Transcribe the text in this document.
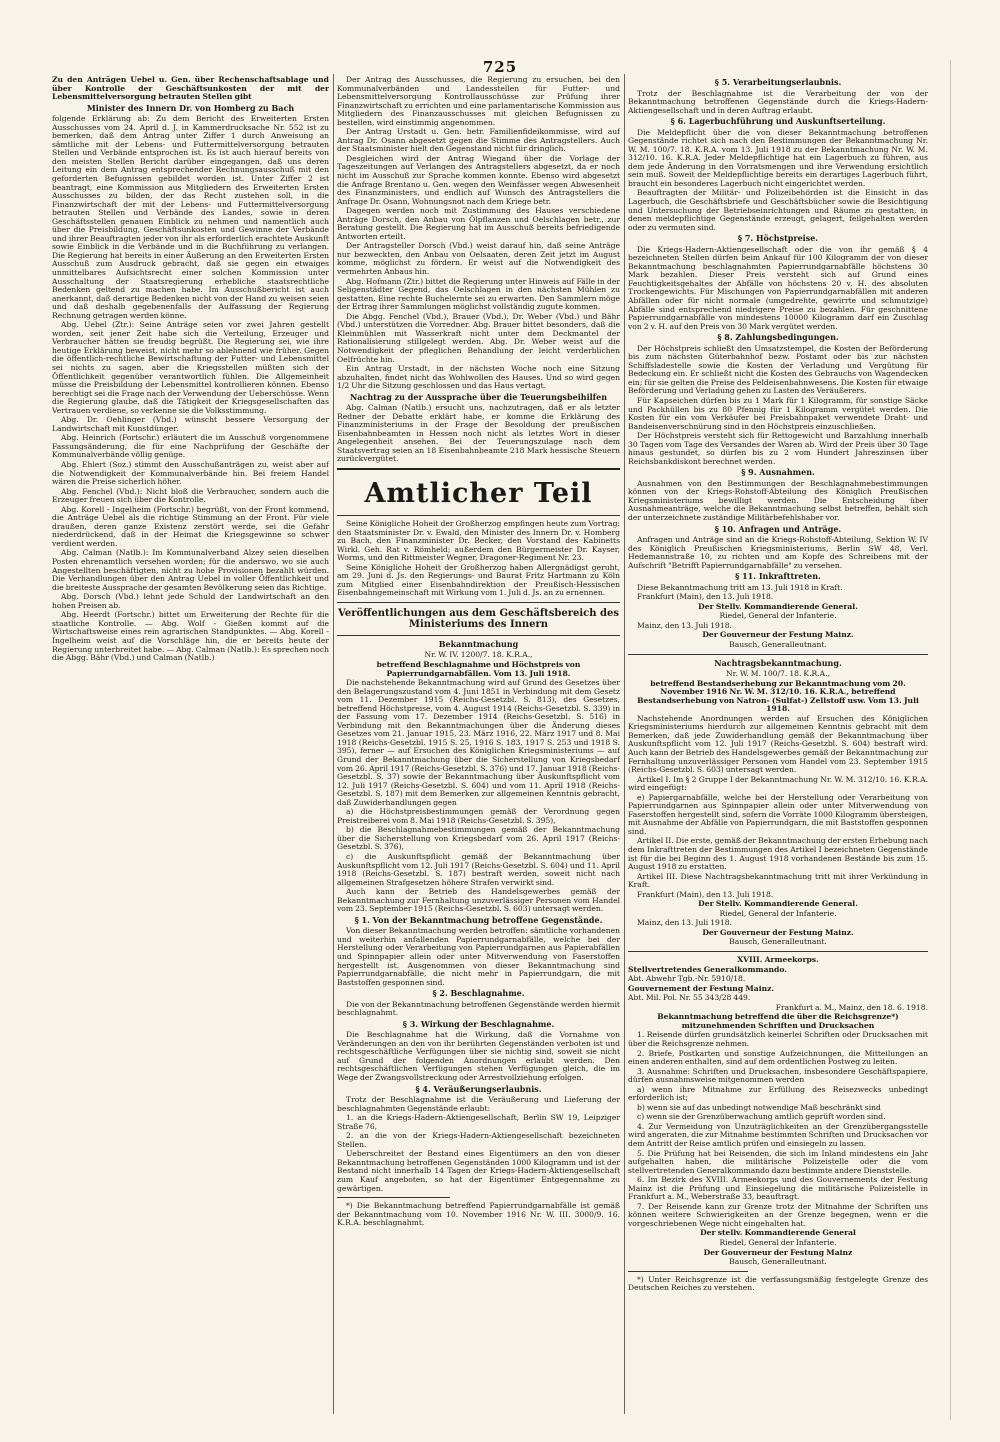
725

Zu den Anträgen Uebel u. Gen. über Rechenschaftsablage und über Kontrolle der Geschäftsunkosten der mit der Lebensmittelversorgung betrauten Stellen gibt

Minister des Innern Dr. von Homberg zu Bach

folgende Erklärung ab: Zu dem Bericht des Erweiterten Ersten Ausschusses vom 24. April d. J. in Kammerdrucksache Nr. 552 ist zu bemerken, daß dem Antrag unter Ziffer 1 durch Anweisung an sämtliche mit der Lebens- und Futtermittelversorgung betrauten Stellen und Verbände entsprochen ist. Es ist auch hierauf bereits von den meisten Stellen Bericht darüber eingegangen, daß uns deren Leitung ein dem Antrag entsprechender Rechnungsausschuß mit den geforderten Befugnissen gebildet worden ist. Unter Ziffer 2 ist beantragt, eine Kommission aus Mitgliedern des Erweiterten Ersten Ausschusses zu bilden, der das Recht zustehen soll, in die Finanzwirtschaft der mit der Lebens- und Futtermittelversorgung betrauten Stellen und Verbände des Landes, sowie in deren Geschäftsstellen genauen Einblick zu nehmen und namentlich auch über die Preisbildung, Geschäftsunkosten und Gewinne der Verbände und ihrer Beauftragten jeder von ihr als erforderlich erachtete Auskunft sowie Einblick in die Verbände und in die Buchführung zu verlangen. Die Regierung hat bereits in einer Äußerung an den Erweiterten Ersten Ausschuß zum Ausdruck gebracht, daß sie gegen ein etwaiges unmittelbares Aufsichtsrecht einer solchen Kommission unter Ausschaltung der Staatsregierung erhebliche staatsrechtliche Bedenken geltend zu machen habe. Im Ausschußbericht ist auch anerkannt, daß derartige Bedenken nicht von der Hand zu weisen seien und daß deshalb gegebenenfalls der Auffassung der Regierung Rechnung getragen werden könne.

Abg. Uebel (Ztr.): Seine Anträge seien vor zwei Jahren gestellt worden, seit jener Zeit habe sich die Verteilung, Erzeuger und Verbraucher hätten sie freudig begrüßt. Die Regierung sei, wie ihre heutige Erklärung beweist, nicht mehr so ablehnend wie früher. Gegen die öffentlich-rechtliche Bewirtschaftung der Futter- und Lebensmittel sei nichts zu sagen, aber die Kriegsstellen müßten sich der Öffentlichkeit gegenüber verantwortlich fühlen. Die Allgemeinheit müsse die Preisbildung der Lebensmittel kontrollieren können. Ebenso berechtigt sei die Frage nach der Verwendung der Ueberschüsse. Wenn die Regierung glaube, daß die Tätigkeit der Kriegsgesellschaften das Vertrauen verdiene, so verkenne sie die Volksstimmung.

Abg. Dr. Oehlinger (Vbd.) wünscht bessere Versorgung der Landwirtschaft mit Kunstdünger.

Abg. Heinrich (Fortschr.) erläutert die im Ausschuß vorgenommene Fassungsänderung, die für eine Nachprüfung der Geschäfte der Kommunalverbände völlig genüge.

Abg. Ehlert (Soz.) stimmt den Ausschußanträgen zu, weist aber auf die Notwendigkeit der Kommunalverbände hin. Bei freiem Handel wären die Preise sicherlich höher.

Abg. Fenchel (Vbd.): Nicht bloß die Verbraucher, sondern auch die Erzeuger freuen sich über die Kontrolle.

Abg. Korell - Ingelheim (Fortschr.) begrüßt, von der Front kommend, die Anträge Uebel als die richtige Stimmung an der Front. Für viele draußen, deren ganze Existenz zerstört werde, sei die Gefahr niederdrückend, daß in der Heimat die Kriegsgewinne so schwer verdient werden.

Abg. Calman (Natlb.): Im Kommunalverband Alzey seien dieselben Posten ehrenamtlich versehen worden; für die anderswo, wo sie auch Angestellten beschäftigten, nicht zu hohe Provisionen bezahlt würden. Die Verhandlungen über den Antrag Uebel in voller Öffentlichkeit und die breiteste Aussprache der gesamten Bevölkerung seien das Richtige.

Abg. Dorsch (Vbd.) lehnt jede Schuld der Landwirtschaft an den hohen Preisen ab.

Abg. Heerdt (Fortschr.) bittet um Erweiterung der Rechte für die staatliche Kontrolle. — Abg. Wolf - Gießen kommt auf die Wirtschaftsweise eines rein agrarischen Standpunktes. — Abg. Korell - Ingelheim weist auf die Vorschläge hin, die er bereits heute der Regierung unterbreitet habe. — Abg. Calman (Natlb.): Es sprechen noch die Abgg. Bähr (Vbd.) und Calman (Natlb.)

Der Antrag des Ausschusses, die Regierung zu ersuchen, bei den Kommunalverbänden und Landesstellen für Futter- und Lebensmittelversorgung Kontrollausschüsse zur Prüfung ihrer Finanzwirtschaft zu errichten und eine parlamentarische Kommission aus Mitgliedern des Finanzausschusses mit gleichen Befugnissen zu bestellen, wird einstimmig angenommen.

Der Antrag Urstadt u. Gen. betr. Familienfideikommisse, wird auf Antrag Dr. Osann abgesetzt gegen die Stimme des Antragstellers. Auch der Staatsminister hielt den Gegenstand nicht für dringlich.

Desgleichen wird der Antrag Wiegand über die Vorlage der Tageszeitungen auf Verlangen des Antragstellers abgesetzt, da er noch nicht im Ausschuß zur Sprache kommen konnte. Ebenso wird abgesetzt die Anfrage Brentano u. Gen. wegen den Weinfässer wegen Abwesenheit des Finanzministers, und endlich auf Wunsch des Antragstellers die Anfrage Dr. Osann, Wohnungsnot nach dem Kriege betr.

Dagegen werden noch mit Zustimmung des Hauses verschiedene Anträge Dorsch, den Anbau von Ölpflanzen und Oelschlagen betr., zur Beratung gestellt. Die Regierung hat im Ausschuß bereits befriedigende Antworten erteilt.

Der Antragsteller Dorsch (Vbd.) weist darauf hin, daß seine Anträge nur bezweckten, den Anbau von Oelsaaten, deren Zeit jetzt im August komme, möglichst zu fördern. Er weist auf die Notwendigkeit des vermehrten Anbaus hin.

Abg. Hofmann (Ztr.) bittet die Regierung unter Hinweis auf Fälle in der Seligenstädter Gegend, das Oelschlagen in den nächsten Mühlen zu gestatten. Eine rechte Buchelernte sei zu erwarten. Den Sammlern möge der Ertrag ihrer Sammlungen möglichst vollständig zugute kommen.

Die Abgg. Fenchel (Vbd.), Brauer (Vbd.), Dr. Weber (Vbd.) und Bähr (Vbd.) unterstützen die Vorredner. Abg. Brauer bittet besonders, daß die Kleinmühlen mit Wasserkraft nicht unter dem Deckmantel der Rationalisierung stillgelegt werden. Abg. Dr. Weber weist auf die Notwendigkeit der pfleglichen Behandlung der leicht verderblichen Oelfrüchte hin.

Ein Antrag Urstadt, in der nächsten Woche noch eine Sitzung abzuhalten, findet nicht das Wohlwollen des Hauses. Und so wird gegen 1/2 Uhr die Sitzung geschlossen und das Haus vertagt.

Nachtrag zu der Aussprache über die Teuerungsbeihilfen

Abg. Calman (Natlb.) ersucht uns, nachzutragen, daß er als letzter Redner der Debatte erklärt habe, er komme die Erklärung des Finanzministeriums in der Frage der Besoldung der preußischen Eisenbahnbeamten in Hessen noch nicht als letztes Wort in dieser Angelegenheit ansehen. Bei der Teuerungszulage nach dem Staatsvertrag seien an 18 Eisenbahnbeamte 218 Mark hessische Steuern zurückvergütet.

Amtlicher Teil

Seine Königliche Hoheit der Großherzog empfingen heute zum Vortrag: den Staatsminister Dr. v. Ewald, den Minister des Innern Dr. v. Homberg zu Bach, den Finanzminister Dr. Becker, den Vorstand des Kabinetts Wirkl. Geh. Rat v. Römheld; außerdem den Bürgermeister Dr. Kayser, Worms, und den Rittmeister Wegner, Dragoner-Regiment Nr. 23.

Seine Königliche Hoheit der Großherzog haben Allergnädigst geruht, am 29. Juni d. Js. den Regierungs- und Baurat Fritz Hartmann zu Köln zum Mitglied einer Eisenbahndirektion der Preußisch-Hessischen Eisenbahngemeinschaft mit Wirkung vom 1. Juli d. Js. an zu ernennen.

Veröffentlichungen aus dem Geschäftsbereich des Ministeriums des Innern
Bekanntmachung

Nr. W. IV. 1200/7. 18. K.R.A.,

betreffend Beschlagnahme und Höchstpreis von Papierrundgarnabfällen. Vom 13. Juli 1918.

Die nachstehende Bekanntmachung wird auf Grund des Gesetzes über den Belagerungszustand vom 4. Juni 1851 in Verbindung mit dem Gesetz vom 11. Dezember 1915 (Reichs-Gesetzbl. S. 813), des Gesetzes, betreffend Höchstpreise, vom 4. August 1914 (Reichs-Gesetzbl. S. 339) in der Fassung vom 17. Dezember 1914 (Reichs-Gesetzbl. S. 516) in Verbindung mit den Bekanntmachungen über die Änderung dieses Gesetzes vom 21. Januar 1915, 23. März 1916, 22. März 1917 und 8. Mai 1918 (Reichs-Gesetzbl. 1915 S. 25, 1916 S. 183, 1917 S. 253 und 1918 S. 395), ferner — auf Ersuchen des Königlichen Kriegsministeriums — auf Grund der Bekanntmachung über die Sicherstellung von Kriegsbedarf vom 26. April 1917 (Reichs-Gesetzbl. S. 376) und 17. Januar 1918 (Reichs-Gesetzbl. S. 37) sowie der Bekanntmachung über Auskunftspflicht vom 12. Juli 1917 (Reichs-Gesetzbl. S. 604) und vom 11. April 1918 (Reichs-Gesetzbl. S. 187) mit dem Bemerken zur allgemeinen Kenntnis gebracht, daß Zuwiderhandlungen gegen

a) die Höchstpreisbestimmungen gemäß der Verordnung gegen Preistreiberei vom 8. Mai 1918 (Reichs-Gesetzbl. S. 395),

b) die Beschlagnahmebestimmungen gemäß der Bekanntmachung über die Sicherstellung von Kriegsbedarf vom 26. April 1917 (Reichs-Gesetzbl. S. 376),

c) die Auskunftspflicht gemäß der Bekanntmachung über Auskunftspflicht vom 12. Juli 1917 (Reichs-Gesetzbl. S. 604) und 11. April 1918 (Reichs-Gesetzbl. S. 187) bestraft werden, soweit nicht nach allgemeinen Strafgesetzen höhere Strafen verwirkt sind.

Auch kann der Betrieb des Handelsgewerbes gemäß der Bekanntmachung zur Fernhaltung unzuverlässiger Personen vom Handel vom 23. September 1915 (Reichs-Gesetzbl. S. 603) untersagt werden.

§ 1. Von der Bekanntmachung betroffene Gegenstände.

Von dieser Bekanntmachung werden betroffen: sämtliche vorhandenen und weiterhin anfallenden Papierrundgarnabfälle, welche bei der Herstellung oder Verarbeitung von Papierrundgarnen aus Papierabfällen und Spinnpapier allein oder unter Mitverwendung von Faserstoffen hergestellt ist. Ausgenommen von dieser Bekanntmachung sind Papierrundgarnabfälle, die nicht mehr in Papierrundgarn, die mit Baststoffen gesponnen sind.

§ 2. Beschlagnahme.

Die von der Bekanntmachung betroffenen Gegenstände werden hiermit beschlagnahmt.

§ 3. Wirkung der Beschlagnahme.

Die Beschlagnahme hat die Wirkung, daß die Vornahme von Veränderungen an den von ihr berührten Gegenständen verboten ist und rechtsgeschäftliche Verfügungen über sie nichtig sind, soweit sie nicht auf Grund der folgenden Anordnungen erlaubt werden. Den rechtsgeschäftlichen Verfügungen stehen Verfügungen gleich, die im Wege der Zwangsvollstreckung oder Arrestvollziehung erfolgen.

§ 4. Veräußerungserlaubnis.

Trotz der Beschlagnahme ist die Veräußerung und Lieferung der beschlagnahmten Gegenstände erlaubt:

1. an die Kriegs-Hadern-Aktiengesellschaft, Berlin SW 19, Leipziger Straße 76,

2. an die von der Kriegs-Hadern-Aktiengesellschaft bezeichneten Stellen.

Ueberschreitet der Bestand eines Eigentümers an den von dieser Bekanntmachung betroffenen Gegenständen 1000 Kilogramm und ist der Bestand nicht innerhalb 14 Tagen der Kriegs-Hadern-Aktiengesellschaft zum Kauf angeboten, so hat der Eigentümer Entgegennahme zu gewärtigen.

*) Die Bekanntmachung betreffend Papierrundgarnabfälle ist gemäß der Bekanntmachung vom 10. November 1916 Nr. W. III. 3000/9. 16. K.R.A. beschlagnahmt.

§ 5. Verarbeitungserlaubnis.

Trotz der Beschlagnahme ist die Verarbeitung der von der Bekanntmachung betroffenen Gegenstände durch die Kriegs-Hadern-Aktiengesellschaft und in deren Auftrag erlaubt.

§ 6. Lagerbuchführung und Auskunftserteilung.

Die Meldepflicht über die von dieser Bekanntmachung betroffenen Gegenstände richtet sich nach den Bestimmungen der Bekanntmachung Nr. W. M. 100/7. 18. K.R.A. vom 13. Juli 1918 zu der Bekanntmachung Nr. W. M. 312/10. 16. K.R.A. Jeder Meldepflichtige hat ein Lagerbuch zu führen, aus dem jede Änderung in den Vorratsmengen und ihre Verwendung ersichtlich sein muß. Soweit der Meldepflichtige bereits ein derartiges Lagerbuch führt, braucht ein besonderes Lagerbuch nicht eingerichtet werden.

Beauftragten der Militär- und Polizeibehörden ist die Einsicht in das Lagerbuch, die Geschäftsbriefe und Geschäftsbücher sowie die Besichtigung und Untersuchung der Betriebseinrichtungen und Räume zu gestatten, in denen meldepflichtige Gegenstände erzeugt, gelagert, feilgehalten werden oder zu vermuten sind.

§ 7. Höchstpreise.

Die Kriegs-Hadern-Aktiengesellschaft oder die von ihr gemäß § 4 bezeichneten Stellen dürfen beim Ankauf für 100 Kilogramm der von dieser Bekanntmachung beschlagnahmten Papierrundgarnabfälle höchstens 30 Mark bezahlen. Dieser Preis versteht sich auf Grund eines Feuchtigkeitsgehaltes der Abfälle von höchstens 20 v. H. des absoluten Trockengewichts. Für Mischungen von Papierrundgarnabfällen mit anderen Abfällen oder für nicht normale (umgedrehte, gewirrte und schmutzige) Abfälle sind entsprechend niedrigere Preise zu bezahlen. Für geschnittene Papierrundgarnabfälle von mindestens 10000 Kilogramm darf ein Zuschlag von 2 v. H. auf den Preis von 30 Mark vergütet werden.

§ 8. Zahlungsbedingungen.

Der Höchstpreis schließt den Umsatzstempel, die Kosten der Beförderung bis zum nächsten Güterbahnhof bezw. Postamt oder bis zur nächsten Schiffsladestelle sowie die Kosten der Verladung und Vergütung für Bedeckung ein. Er schließt nicht die Kosten des Gebrauchs von Wagendecken ein; für sie gelten die Preise des Feldeisenbahnwesens. Die Kosten für etwaige Beförderung und Verladung gehen zu Lasten des Veräußerers.

Für Kapseichen dürfen bis zu 1 Mark für 1 Kilogramm, für sonstige Säcke und Packhüllen bis zu 80 Pfennig für 1 Kilogramm vergütet werden. Die Kosten für ein vom Verkäufer bei Preisbahnpaket verwendete Draht- und Bandeisenverschnürung sind in den Höchstpreis einzuschließen.

Der Höchstpreis versteht sich für Rettogewicht und Barzahlung innerhalb 30 Tagen vom Tage des Versandes der Waren ab. Wird der Preis über 30 Tage hinaus gestundet, so dürfen bis zu 2 vom Hundert Jahreszinsen über Reichsbankdiskont berechnet werden.

§ 9. Ausnahmen.

Ausnahmen von den Bestimmungen der Beschlagnahmebestimmungen können von der Kriegs-Rohstoff-Abteilung des Königlich Preußischen Kriegsministeriums bewilligt werden. Die Entscheidung über Ausnahmeanträge, welche die Bekanntmachung selbst betreffen, behält sich der unterzeichnete zuständige Militärbefehlshaber vor.

§ 10. Anfragen und Anträge.

Anfragen und Anträge sind an die Kriegs-Rohstoff-Abteilung, Sektion W. IV des Königlich Preußischen Kriegsministeriums, Berlin SW 48, Verl. Hedemannstraße 10, zu richten und am Kopfe des Schreibens mit der Aufschrift "Betrifft Papierrundgarnabfälle" zu versehen.

§ 11. Inkrafttreten.

Diese Bekanntmachung tritt am 13. Juli 1918 in Kraft.

Frankfurt (Main), den 13. Juli 1918.

Der Stellv. Kommandierende General.

Riedel, General der Infanterie.

Mainz, den 13. Juli 1918.

Der Gouverneur der Festung Mainz.

Bausch, Generalleutnant.

Nachtragsbekanntmachung.

Nr. W. M. 100/7. 18. K.R.A.,

betreffend Bestandserhebung zur Bekanntmachung vom 20. November 1916 Nr. W. M. 312/10. 16. K.R.A., betreffend Bestandserhebung von Natron- (Sulfat-) Zellstoff usw. Vom 13. Juli 1918.

Nachstehende Anordnungen werden auf Ersuchen des Königlichen Kriegsministeriums hierdurch zur allgemeinen Kenntnis gebracht mit dem Bemerken, daß jede Zuwiderhandlung gemäß der Bekanntmachung über Auskunftspflicht vom 12. Juli 1917 (Reichs-Gesetzbl. S. 604) bestraft wird. Auch kann der Betrieb des Handelsgewerbes gemäß der Bekanntmachung zur Fernhaltung unzuverlässiger Personen vom Handel vom 23. September 1915 (Reichs-Gesetzbl. S. 603) untersagt werden.

Artikel I. Im § 2 Gruppe I der Bekanntmachung Nr. W. M. 312/10. 16. K.R.A. wird eingefügt:

e) Papiergarnabfälle, welche bei der Herstellung oder Verarbeitung von Papierrundgarnen aus Spinnpapier allein oder unter Mitverwendung von Faserstoffen hergestellt sind, sofern die Vorräte 1000 Kilogramm übersteigen, mit Ausnahme der Abfälle von Papierrundgarn, die mit Baststoffen gesponnen sind.

Artikel II. Die erste, gemäß der Bekanntmachung der ersten Erhebung nach dem Inkrafttreten der Bestimmungen des Artikel I bezeichneten Gegenstände ist für die bei Beginn des 1. August 1918 vorhandenen Bestände bis zum 15. August 1918 zu erstatten.

Artikel III. Diese Nachtragsbekanntmachung tritt mit ihrer Verkündung in Kraft.

Frankfurt (Main), den 13. Juli 1918.

Der Stellv. Kommandierende General.

Riedel, General der Infanterie.

Mainz, den 13. Juli 1918.

Der Gouverneur der Festung Mainz.

Bausch, Generalleutnant.

XVIII. Armeekorps.

Stellvertretendes Generalkommando.

Abt. Abwehr Tgb.-Nr. 5910/18.

Gouvernement der Festung Mainz.

Abt. Mil. Pol. Nr. 55 343/28 449.

Frankfurt a. M., Mainz, den 18. 6. 1918.

Bekanntmachung betreffend die über die Reichsgrenze*) mitzunehmenden Schriften und Drucksachen

1. Reisende dürfen grundsätzlich keinerlei Schriften oder Drucksachen mit über die Reichsgrenze nehmen.

2. Briefe, Postkarten und sonstige Aufzeichnungen, die Mitteilungen an einen anderen enthalten, sind auf dem ordentlichen Postweg zu leiten.

3. Ausnahme: Schriften und Drucksachen, insbesondere Geschäftspapiere, dürfen ausnahmsweise mitgenommen werden

a) wenn ihre Mitnahme zur Erfüllung des Reisezwecks unbedingt erforderlich ist;

b) wenn sie auf das unbedingt notwendige Maß beschränkt sind

c) wenn sie der Grenzüberwachung amtlich geprüft worden sind.

4. Zur Vermeidung von Unzuträglichkeiten an der Grenzübergangsstelle wird angeraten, die zur Mitnahme bestimmten Schriften und Drucksachen vor dem Antritt der Reise amtlich prüfen und einsiegeln zu lassen.

5. Die Prüfung hat bei Reisenden, die sich im Inland mindestens ein Jahr aufgehalten haben, die militärische Polizeistelle oder die vom stellvertretenden Generalkommando dazu bestimmte andere Dienststelle.

6. Im Bezirk des XVIII. Armeekorps und des Gouvernements der Festung Mainz ist die Prüfung und Einsiegelung die militärische Polizeistelle in Frankfurt a. M., Weberstraße 33, beauftragt.

7. Der Reisende kann zur Grenze trotz der Mitnahme der Schriften uns können weitere Schwierigkeiten an der Grenze begegnen, wenn er die vorgeschriebenen Wege nicht eingehalten hat.

Der stellv. Kommandierende General

Riedel, General der Infanterie.

Der Gouverneur der Festung Mainz

Bausch, Generalleutnant.

*) Unter Reichsgrenze ist die verfassungsmäßig festgelegte Grenze des Deutschen Reiches zu verstehen.
